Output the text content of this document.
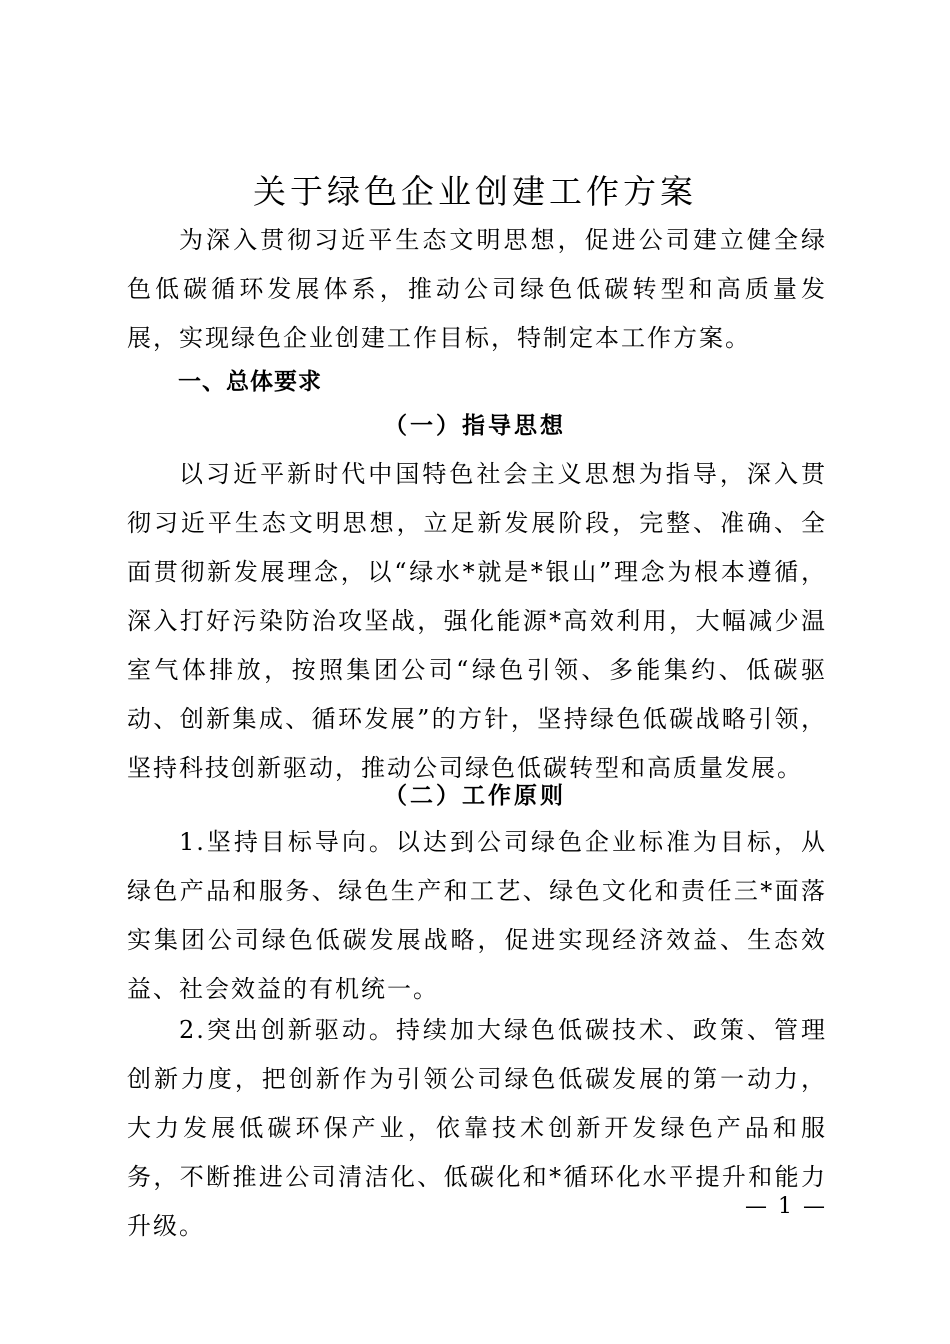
关于绿色企业创建工作方案

为深入贯彻习近平生态文明思想，促进公司建立健全绿色低碳循环发展体系，推动公司绿色低碳转型和高质量发展，实现绿色企业创建工作目标，特制定本工作方案。

一、总体要求
（一）指导思想

以习近平新时代中国特色社会主义思想为指导，深入贯彻习近平生态文明思想，立足新发展阶段，完整、准确、全面贯彻新发展理念，以“绿水*就是*银山”理念为根本遵循，深入打好污染防治攻坚战，强化能源*高效利用，大幅减少温室气体排放，按照集团公司“绿色引领、多能集约、低碳驱动、创新集成、循环发展”的方针，坚持绿色低碳战略引领，坚持科技创新驱动，推动公司绿色低碳转型和高质量发展。

（二）工作原则

1.坚持目标导向。以达到公司绿色企业标准为目标，从绿色产品和服务、绿色生产和工艺、绿色文化和责任三*面落实集团公司绿色低碳发展战略，促进实现经济效益、生态效益、社会效益的有机统一。

2.突出创新驱动。持续加大绿色低碳技术、政策、管理创新力度，把创新作为引领公司绿色低碳发展的第一动力，大力发展低碳环保产业，依靠技术创新开发绿色产品和服务，不断推进公司清洁化、低碳化和*循环化水平提升和能力升级。

— 1 —
